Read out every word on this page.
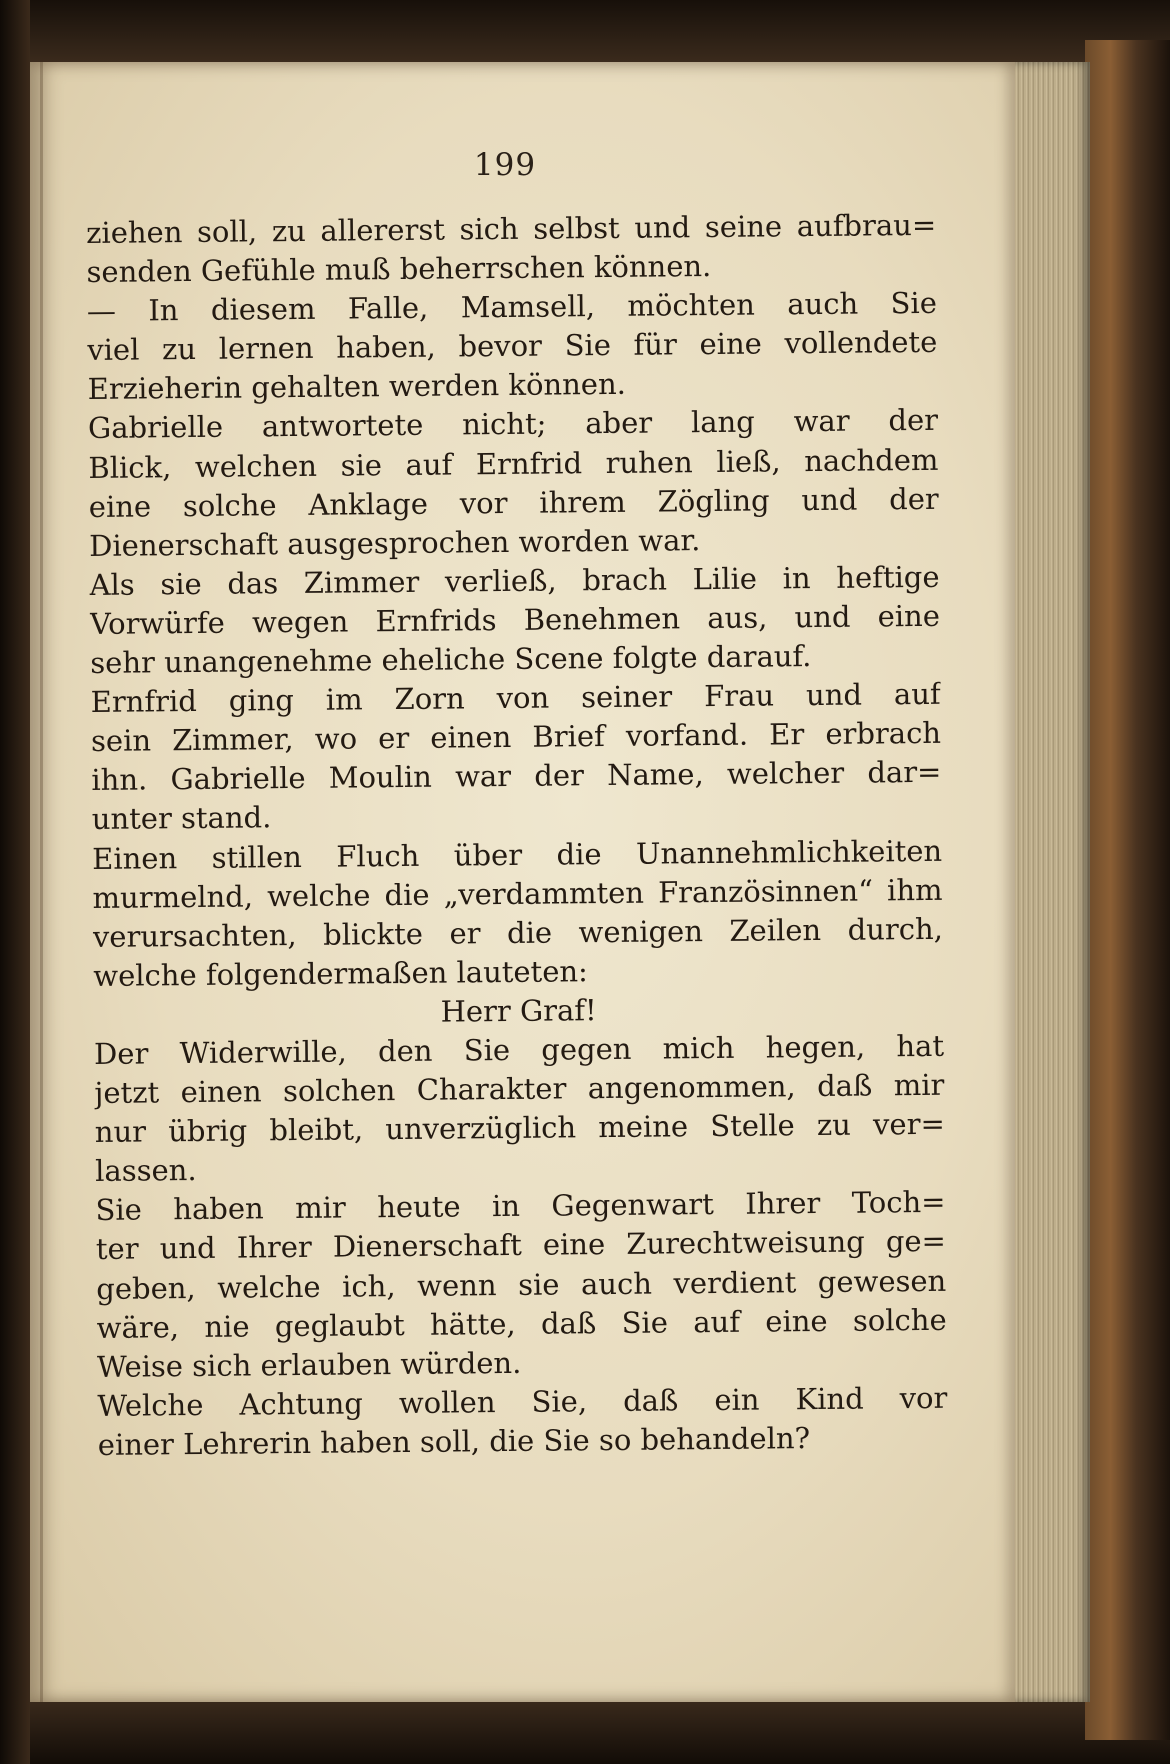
199
ziehen soll, zu allererst sich selbst und seine aufbrau=
senden Gefühle muß beherrschen können.
— In diesem Falle, Mamsell, möchten auch Sie
viel zu lernen haben, bevor Sie für eine vollendete
Erzieherin gehalten werden können.
Gabrielle antwortete nicht; aber lang war der
Blick, welchen sie auf Ernfrid ruhen ließ, nachdem
eine solche Anklage vor ihrem Zögling und der
Dienerschaft ausgesprochen worden war.
Als sie das Zimmer verließ, brach Lilie in heftige
Vorwürfe wegen Ernfrids Benehmen aus, und eine
sehr unangenehme eheliche Scene folgte darauf.
Ernfrid ging im Zorn von seiner Frau und auf
sein Zimmer, wo er einen Brief vorfand. Er erbrach
ihn. Gabrielle Moulin war der Name, welcher dar=
unter stand.
Einen stillen Fluch über die Unannehmlichkeiten
murmelnd, welche die „verdammten Französinnen“ ihm
verursachten, blickte er die wenigen Zeilen durch,
welche folgendermaßen lauteten:
Herr Graf!
Der Widerwille, den Sie gegen mich hegen, hat
jetzt einen solchen Charakter angenommen, daß mir
nur übrig bleibt, unverzüglich meine Stelle zu ver=
lassen.
Sie haben mir heute in Gegenwart Ihrer Toch=
ter und Ihrer Dienerschaft eine Zurechtweisung ge=
geben, welche ich, wenn sie auch verdient gewesen
wäre, nie geglaubt hätte, daß Sie auf eine solche
Weise sich erlauben würden.
Welche Achtung wollen Sie, daß ein Kind vor
einer Lehrerin haben soll, die Sie so behandeln?
